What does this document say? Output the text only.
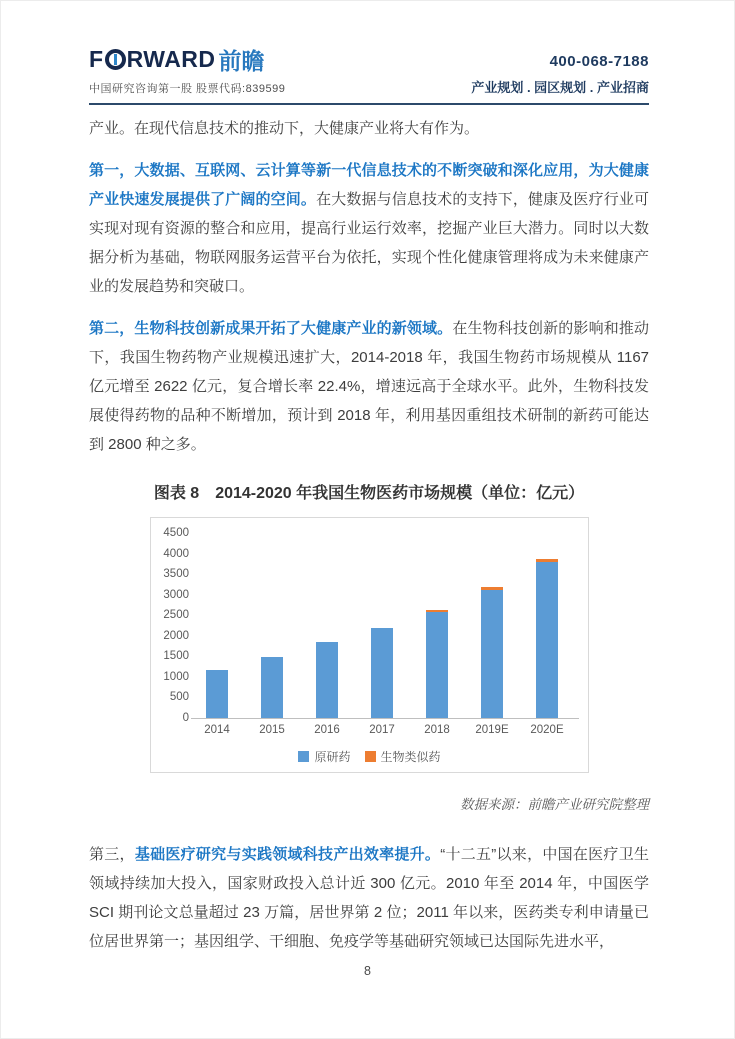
F RWARD 前瞻
中国研究咨询第一股 股票代码:839599
400-068-7188
产业规划 . 园区规划 . 产业招商

产业。在现代信息技术的推动下，大健康产业将大有作为。

第一，大数据、互联网、云计算等新一代信息技术的不断突破和深化应用，为大健康产业快速发展提供了广阔的空间。在大数据与信息技术的支持下，健康及医疗行业可实现对现有资源的整合和应用，提高行业运行效率，挖掘产业巨大潜力。同时以大数据分析为基础，物联网服务运营平台为依托，实现个性化健康管理将成为未来健康产业的发展趋势和突破口。

第二，生物科技创新成果开拓了大健康产业的新领域。在生物科技创新的影响和推动下，我国生物药物产业规模迅速扩大，2014-2018 年，我国生物药市场规模从 1167 亿元增至 2622 亿元，复合增长率 22.4%，增速远高于全球水平。此外，生物科技发展使得药物的品种不断增加，预计到 2018 年，利用基因重组技术研制的新药可能达到 2800 种之多。

图表 8　2014-2020 年我国生物医药市场规模（单位：亿元）
4500
4000
3500
3000
2500
2000
1500
1000
500
0
2014	2015	2016	2017	2018	2019E	2020E
原研药	生物类似药
数据来源：前瞻产业研究院整理

第三，基础医疗研究与实践领域科技产出效率提升。“十二五”以来，中国在医疗卫生领域持续加大投入，国家财政投入总计近 300 亿元。2010 年至 2014 年，中国医学 SCI 期刊论文总量超过 23 万篇，居世界第 2 位；2011 年以来，医药类专利申请量已位居世界第一；基因组学、干细胞、免疫学等基础研究领域已达国际先进水平，

8
